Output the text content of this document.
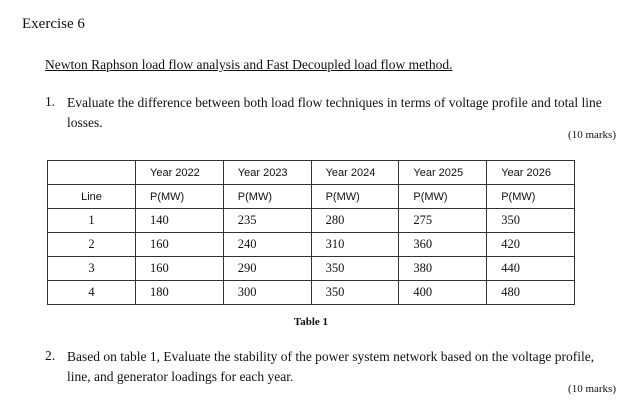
Exercise 6
Newton Raphson load flow analysis and Fast Decoupled load flow method.
1. Evaluate the difference between both load flow techniques in terms of voltage profile and total line losses.
(10 marks)
	Year 2022	Year 2023	Year 2024	Year 2025	Year 2026
Line	P(MW)	P(MW)	P(MW)	P(MW)	P(MW)
1	140	235	280	275	350
2	160	240	310	360	420
3	160	290	350	380	440
4	180	300	350	400	480
Table 1
2. Based on table 1, Evaluate the stability of the power system network based on the voltage profile, line, and generator loadings for each year.
(10 marks)
